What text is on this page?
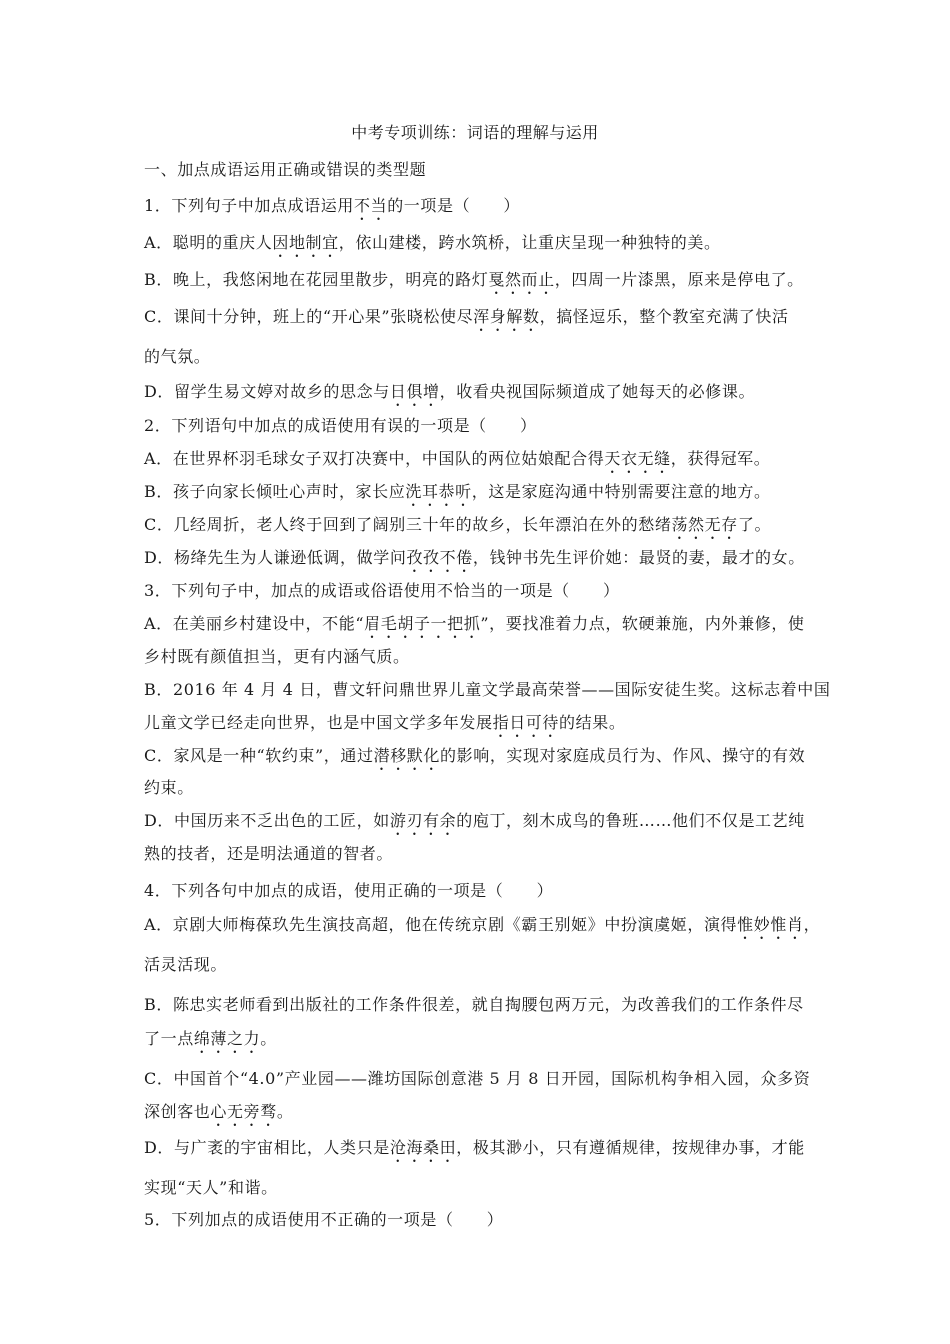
中考专项训练：词语的理解与运用
一、加点成语运用正确或错误的类型题
1．下列句子中加点成语运用不当的一项是（　　）
A．聪明的重庆人因地制宜，依山建楼，跨水筑桥，让重庆呈现一种独特的美。
B．晚上，我悠闲地在花园里散步，明亮的路灯戛然而止，四周一片漆黑，原来是停电了。
C．课间十分钟，班上的“开心果”张晓松使尽浑身解数，搞怪逗乐，整个教室充满了快活
的气氛。
D．留学生易文婷对故乡的思念与日俱增，收看央视国际频道成了她每天的必修课。
2．下列语句中加点的成语使用有误的一项是（　　）
A．在世界杯羽毛球女子双打决赛中，中国队的两位姑娘配合得天衣无缝，获得冠军。
B．孩子向家长倾吐心声时，家长应洗耳恭听，这是家庭沟通中特别需要注意的地方。
C．几经周折，老人终于回到了阔别三十年的故乡，长年漂泊在外的愁绪荡然无存了。
D．杨绛先生为人谦逊低调，做学问孜孜不倦，钱钟书先生评价她：最贤的妻，最才的女。
3．下列句子中，加点的成语或俗语使用不恰当的一项是（　　）
A．在美丽乡村建设中，不能“眉毛胡子一把抓”，要找准着力点，软硬兼施，内外兼修，使
乡村既有颜值担当，更有内涵气质。
B．2016 年 4 月 4 日，曹文轩问鼎世界儿童文学最高荣誉——国际安徒生奖。这标志着中国
儿童文学已经走向世界，也是中国文学多年发展指日可待的结果。
C．家风是一种“软约束”，通过潜移默化的影响，实现对家庭成员行为、作风、操守的有效
约束。
D．中国历来不乏出色的工匠，如游刃有余的庖丁，刻木成鸟的鲁班……他们不仅是工艺纯
熟的技者，还是明法通道的智者。
4．下列各句中加点的成语，使用正确的一项是（　　）
A．京剧大师梅葆玖先生演技高超，他在传统京剧《霸王别姬》中扮演虞姬，演得惟妙惟肖，
活灵活现。
B．陈忠实老师看到出版社的工作条件很差，就自掏腰包两万元，为改善我们的工作条件尽
了一点绵薄之力。
C．中国首个“4.0”产业园——潍坊国际创意港 5 月 8 日开园，国际机构争相入园，众多资
深创客也心无旁骛。
D．与广袤的宇宙相比，人类只是沧海桑田，极其渺小，只有遵循规律，按规律办事，才能
实现“天人”和谐。
5．下列加点的成语使用不正确的一项是（　　）
